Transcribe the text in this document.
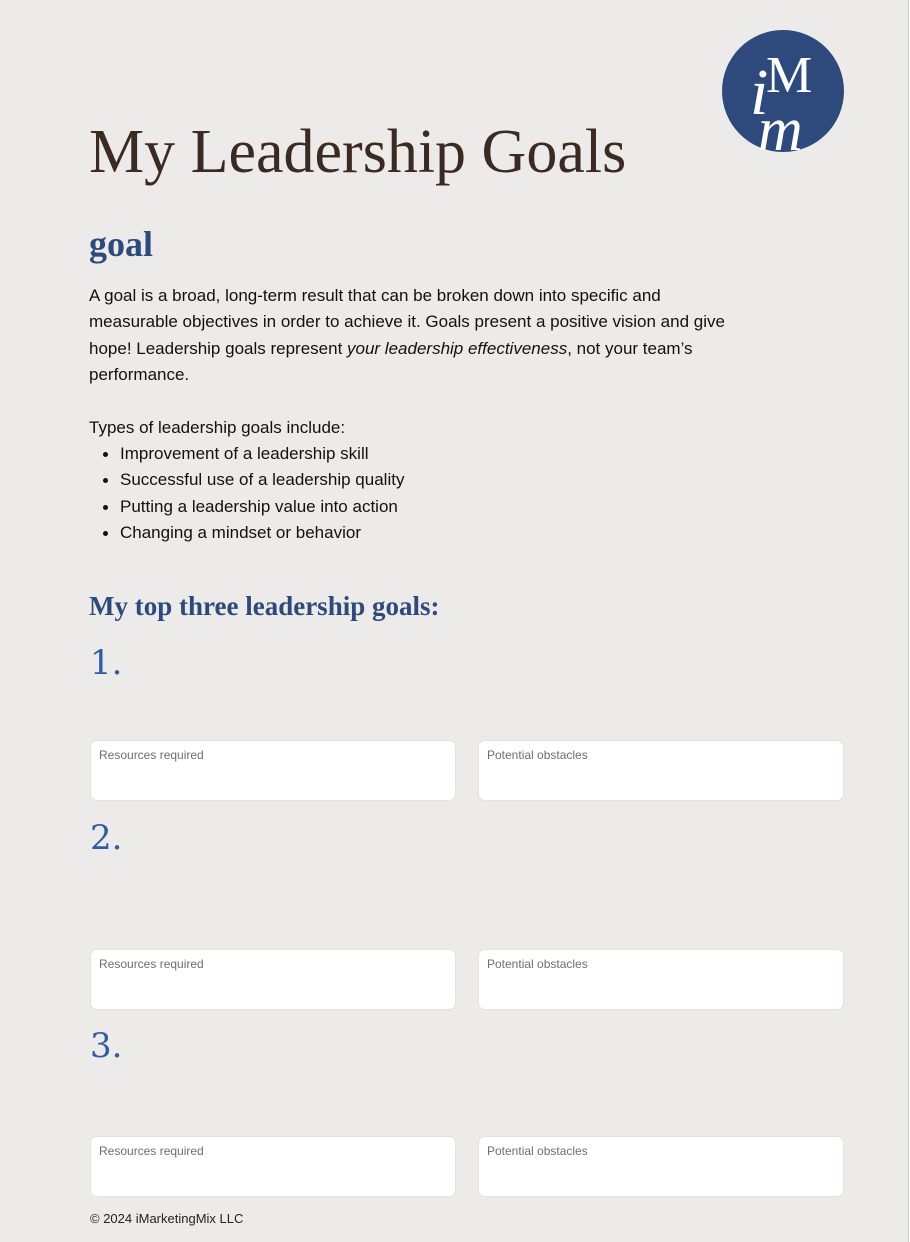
i
M
m
My Leadership Goals
goal

A goal is a broad, long-term result that can be broken down into specific and measurable objectives in order to achieve it. Goals present a positive vision and give hope! Leadership goals represent your leadership effectiveness, not your team’s performance.

Types of leadership goals include:

Improvement of a leadership skill
Successful use of a leadership quality
Putting a leadership value into action
Changing a mindset or behavior
My top three leadership goals:
1.
Resources required	Potential obstacles
2.
Resources required	Potential obstacles
3.
Resources required	Potential obstacles

© 2024 iMarketingMix LLC
